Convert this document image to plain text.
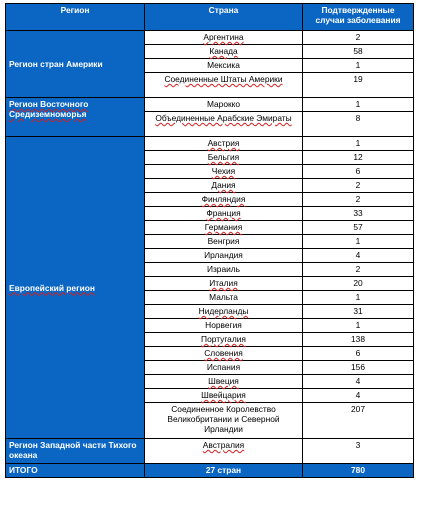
Регион	Страна	Подтвержденные случаи заболевания
Регион стран Америки	Аргентина	2
	Канада	58
	Мексика	1
	Соединенные Штаты Америки	19
Регион Восточного Средиземноморья	Марокко	1
	Объединенные Арабские Эмираты	8
Европейский регион	Австрия	1
	Бельгия	12
	Чехия	6
	Дания	2
	Финляндия	2
	Франция	33
	Германия	57
	Венгрия	1
	Ирландия	4
	Израиль	2
	Италия	20
	Мальта	1
	Нидерланды	31
	Норвегия	1
	Португалия	138
	Словения	6
	Испания	156
	Швеция	4
	Швейцария	4
	Соединенное Королевство Великобритании и Северной Ирландии	207
Регион Западной части Тихого океана	Австралия	3
ИТОГО	27 стран	780
